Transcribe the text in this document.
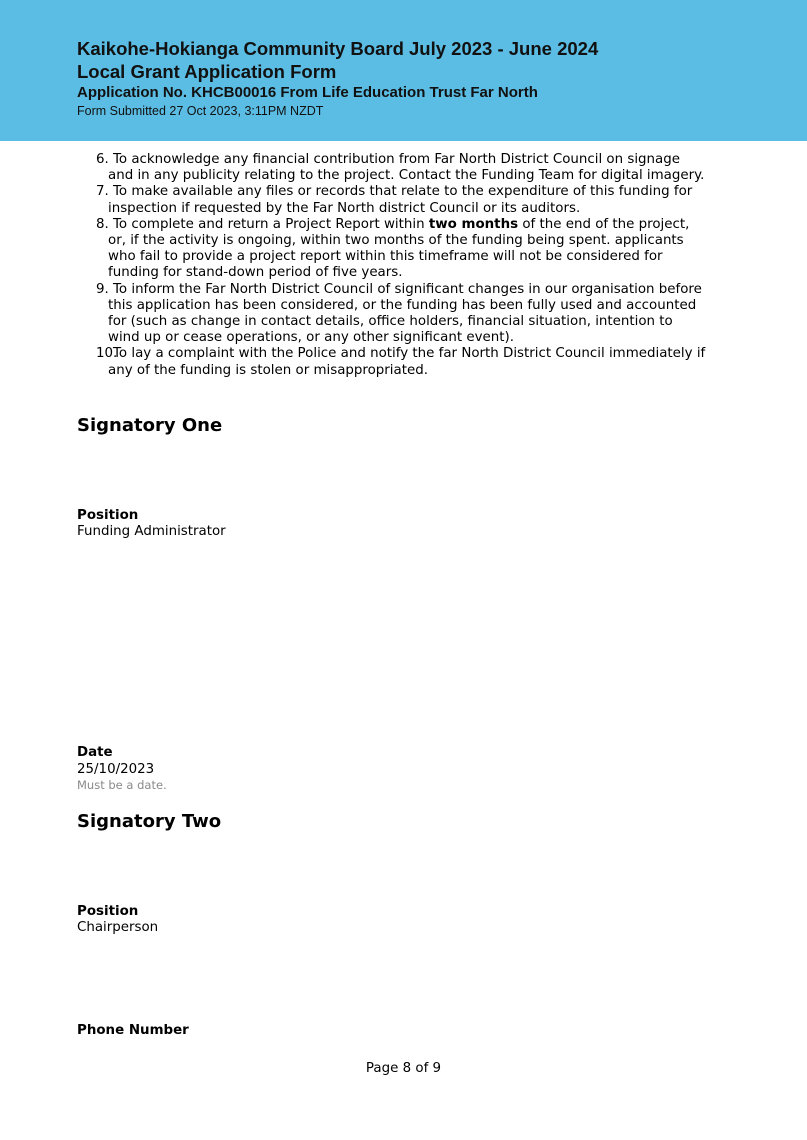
Kaikohe-Hokianga Community Board July 2023 - June 2024
Local Grant Application Form
Application No. KHCB00016 From Life Education Trust Far North
Form Submitted 27 Oct 2023, 3:11PM NZDT
6. To acknowledge any financial contribution from Far North District Council on signage and in any publicity relating to the project. Contact the Funding Team for digital imagery.
7. To make available any files or records that relate to the expenditure of this funding for inspection if requested by the Far North district Council or its auditors.
8. To complete and return a Project Report within two months of the end of the project, or, if the activity is ongoing, within two months of the funding being spent. applicants who fail to provide a project report within this timeframe will not be considered for funding for stand-down period of five years.
9. To inform the Far North District Council of significant changes in our organisation before this application has been considered, or the funding has been fully used and accounted for (such as change in contact details, office holders, financial situation, intention to wind up or cease operations, or any other significant event).
10.
To lay a complaint with the Police and notify the far North District Council immediately if any of the funding is stolen or misappropriated.
Signatory One
Position
Funding Administrator
Date
25/10/2023
Must be a date.
Signatory Two
Position
Chairperson
Phone Number
Page 8 of 9
